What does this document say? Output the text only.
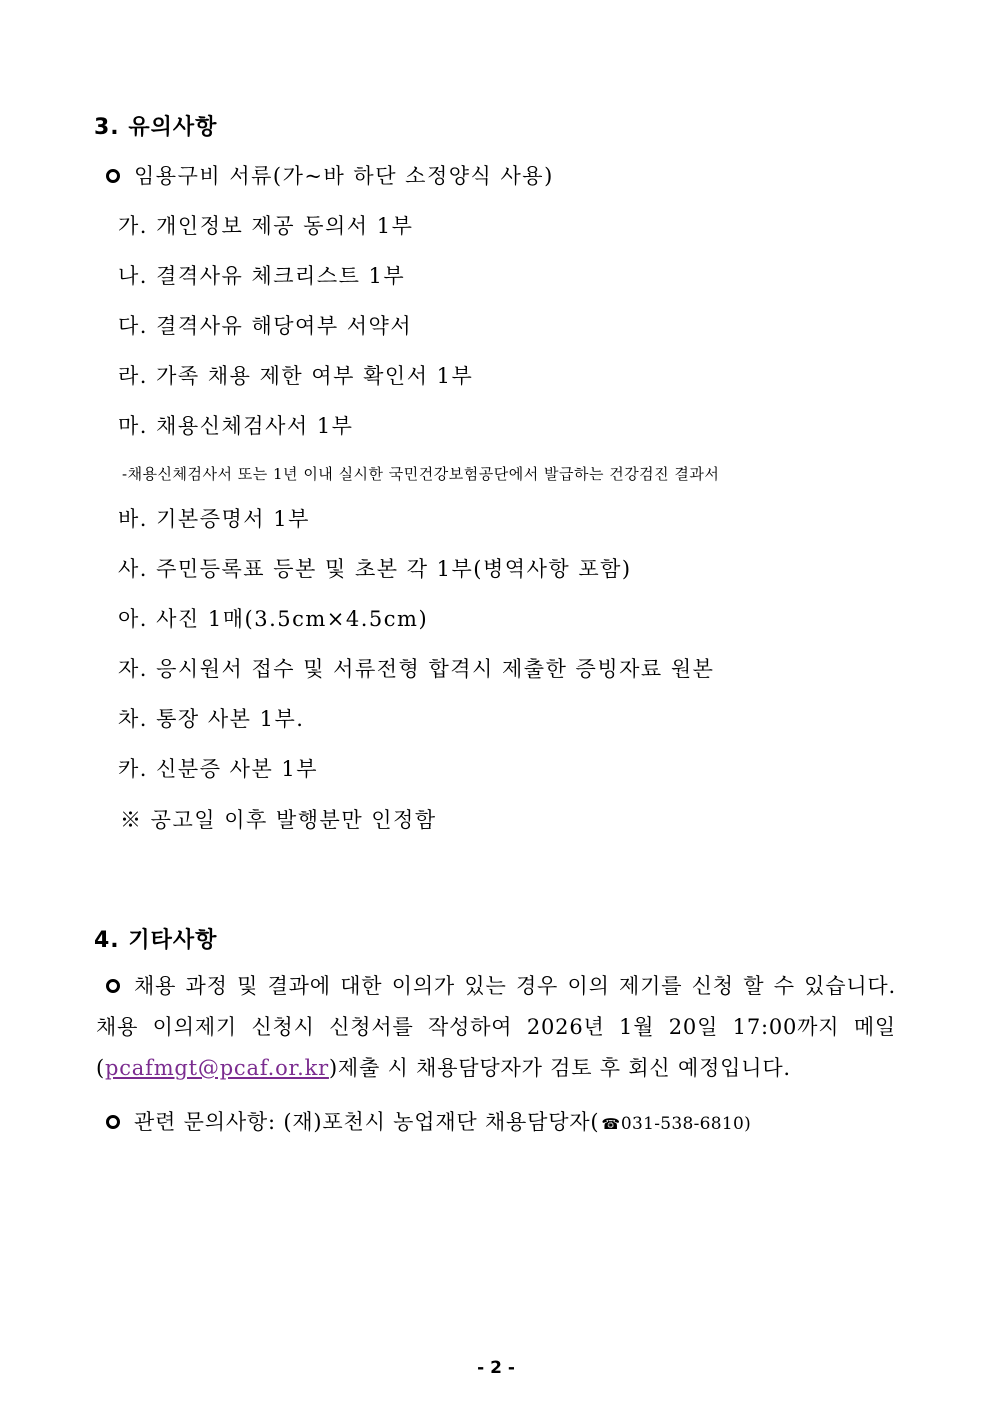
3. 유의사항
임용구비 서류(가~바 하단 소정양식 사용)
가. 개인정보 제공 동의서 1부
나. 결격사유 체크리스트 1부
다. 결격사유 해당여부 서약서
라. 가족 채용 제한 여부 확인서 1부
마. 채용신체검사서 1부
-채용신체검사서 또는 1년 이내 실시한 국민건강보험공단에서 발급하는 건강검진 결과서
바. 기본증명서 1부
사. 주민등록표 등본 및 초본 각 1부(병역사항 포함)
아. 사진 1매(3.5cm×4.5cm)
자. 응시원서 접수 및 서류전형 합격시 제출한 증빙자료 원본
차. 통장 사본 1부.
카. 신분증 사본 1부
※ 공고일 이후 발행분만 인정함
4. 기타사항
채용 과정 및 결과에 대한 이의가 있는 경우 이의 제기를 신청 할 수 있습니다. 채용 이의제기 신청시 신청서를 작성하여 2026년 1월 20일 17:00까지 메일 (pcafmgt@pcaf.or.kr)제출 시 채용담당자가 검토 후 회신 예정입니다.
관련 문의사항: (재)포천시 농업재단 채용담당자( ☎031-538-6810)
- 2 -
